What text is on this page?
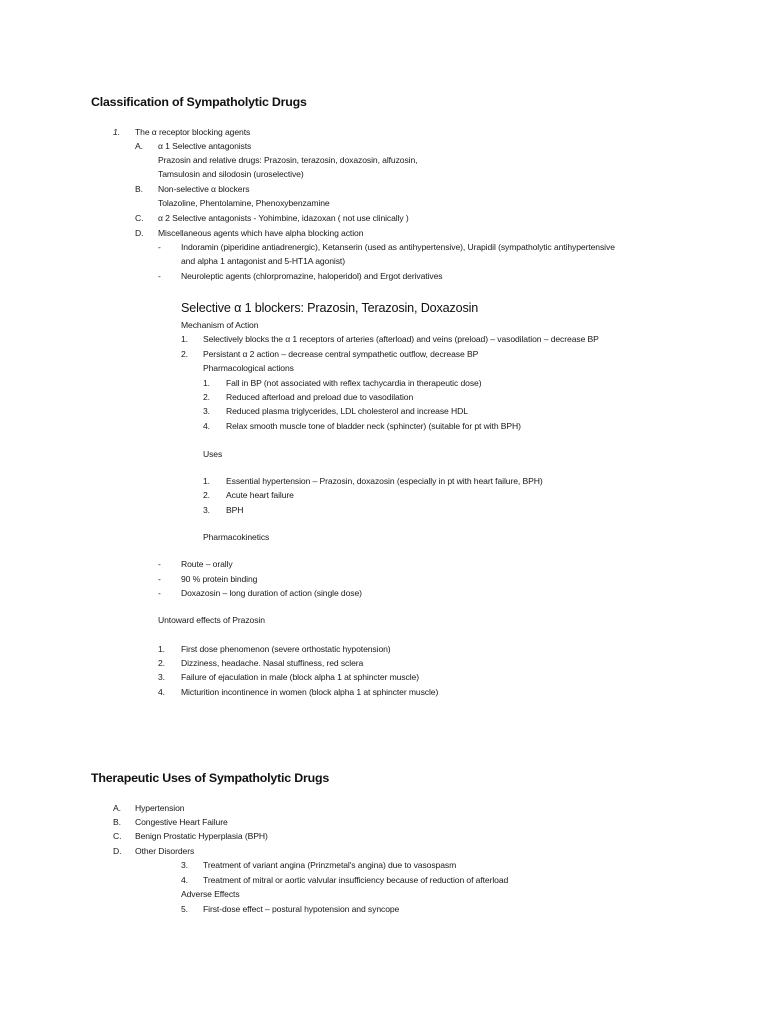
Classification of Sympatholytic Drugs
1. The α receptor blocking agents
A. α 1 Selective antagonists
Prazosin and relative drugs: Prazosin, terazosin, doxazosin, alfuzosin,
Tamsulosin and silodosin (uroselective)
B. Non-selective α blockers
Tolazoline, Phentolamine, Phenoxybenzamine
C. α 2 Selective antagonists - Yohimbine, idazoxan ( not use clinically )
D. Miscellaneous agents which have alpha blocking action
- Indoramin (piperidine antiadrenergic), Ketanserin (used as antihypertensive), Urapidil (sympatholytic antihypertensive
and alpha 1 antagonist and 5-HT1A agonist)
- Neuroleptic agents (chlorpromazine, haloperidol) and Ergot derivatives
Selective α 1 blockers: Prazosin, Terazosin, Doxazosin
Mechanism of Action
1. Selectively blocks the α 1 receptors of arteries (afterload) and veins (preload) – vasodilation – decrease BP
2. Persistant α 2 action – decrease central sympathetic outflow, decrease BP
Pharmacological actions
1. Fall in BP (not associated with reflex tachycardia in therapeutic dose)
2. Reduced afterload and preload due to vasodilation
3. Reduced plasma triglycerides, LDL cholesterol and increase HDL
4. Relax smooth muscle tone of bladder neck (sphincter) (suitable for pt with BPH)
Uses
1. Essential hypertension – Prazosin, doxazosin (especially in pt with heart failure, BPH)
2. Acute heart failure
3. BPH
Pharmacokinetics
- Route – orally
- 90 % protein binding
- Doxazosin – long duration of action (single dose)
Untoward effects of Prazosin
1. First dose phenomenon (severe orthostatic hypotension)
2. Dizziness, headache. Nasal stuffiness, red sclera
3. Failure of ejaculation in male (block alpha 1 at sphincter muscle)
4. Micturition incontinence in women (block alpha 1 at sphincter muscle)
Therapeutic Uses of Sympatholytic Drugs
A. Hypertension
B. Congestive Heart Failure
C. Benign Prostatic Hyperplasia (BPH)
D. Other Disorders
3. Treatment of variant angina (Prinzmetal's angina) due to vasospasm
4. Treatment of mitral or aortic valvular insufficiency because of reduction of afterload
Adverse Effects
5. First-dose effect – postural hypotension and syncope
